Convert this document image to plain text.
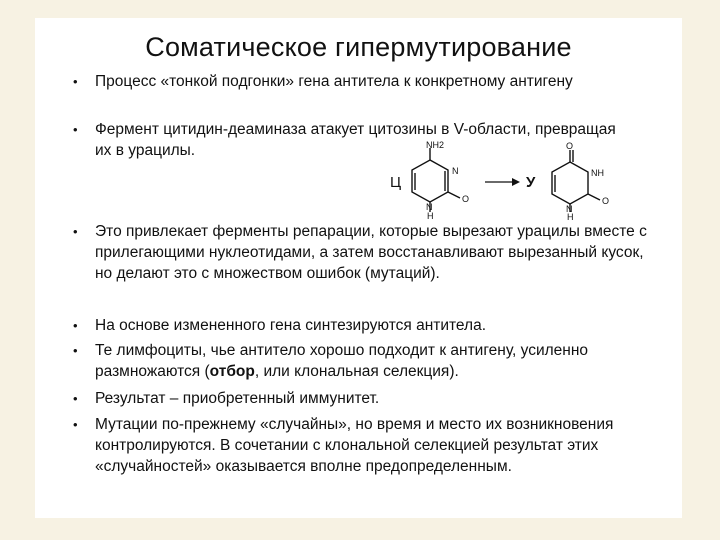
Соматическое гипермутирование

• Процесс «тонкой подгонки» гена антитела к конкретному антигену

• Фермент цитидин-деаминаза атакует цитозины в V-области, превращая их в урацилы.

Ц
NH2
N
O
N
H
У
O
NH
O
N
H

• Это привлекает ферменты репарации, которые вырезают урацилы вместе с прилегающими нуклеотидами, а затем восстанавливают вырезанный кусок, но делают это с множеством ошибок (мутаций).

• На основе измененного гена синтезируются антитела.

• Те лимфоциты, чье антитело хорошо подходит к антигену, усиленно размножаются (отбор, или клональная селекция).

• Результат – приобретенный иммунитет.

• Мутации по-прежнему «случайны», но время и место их возникновения контролируются. В сочетании с клональной селекцией результат этих «случайностей» оказывается вполне предопределенным.
